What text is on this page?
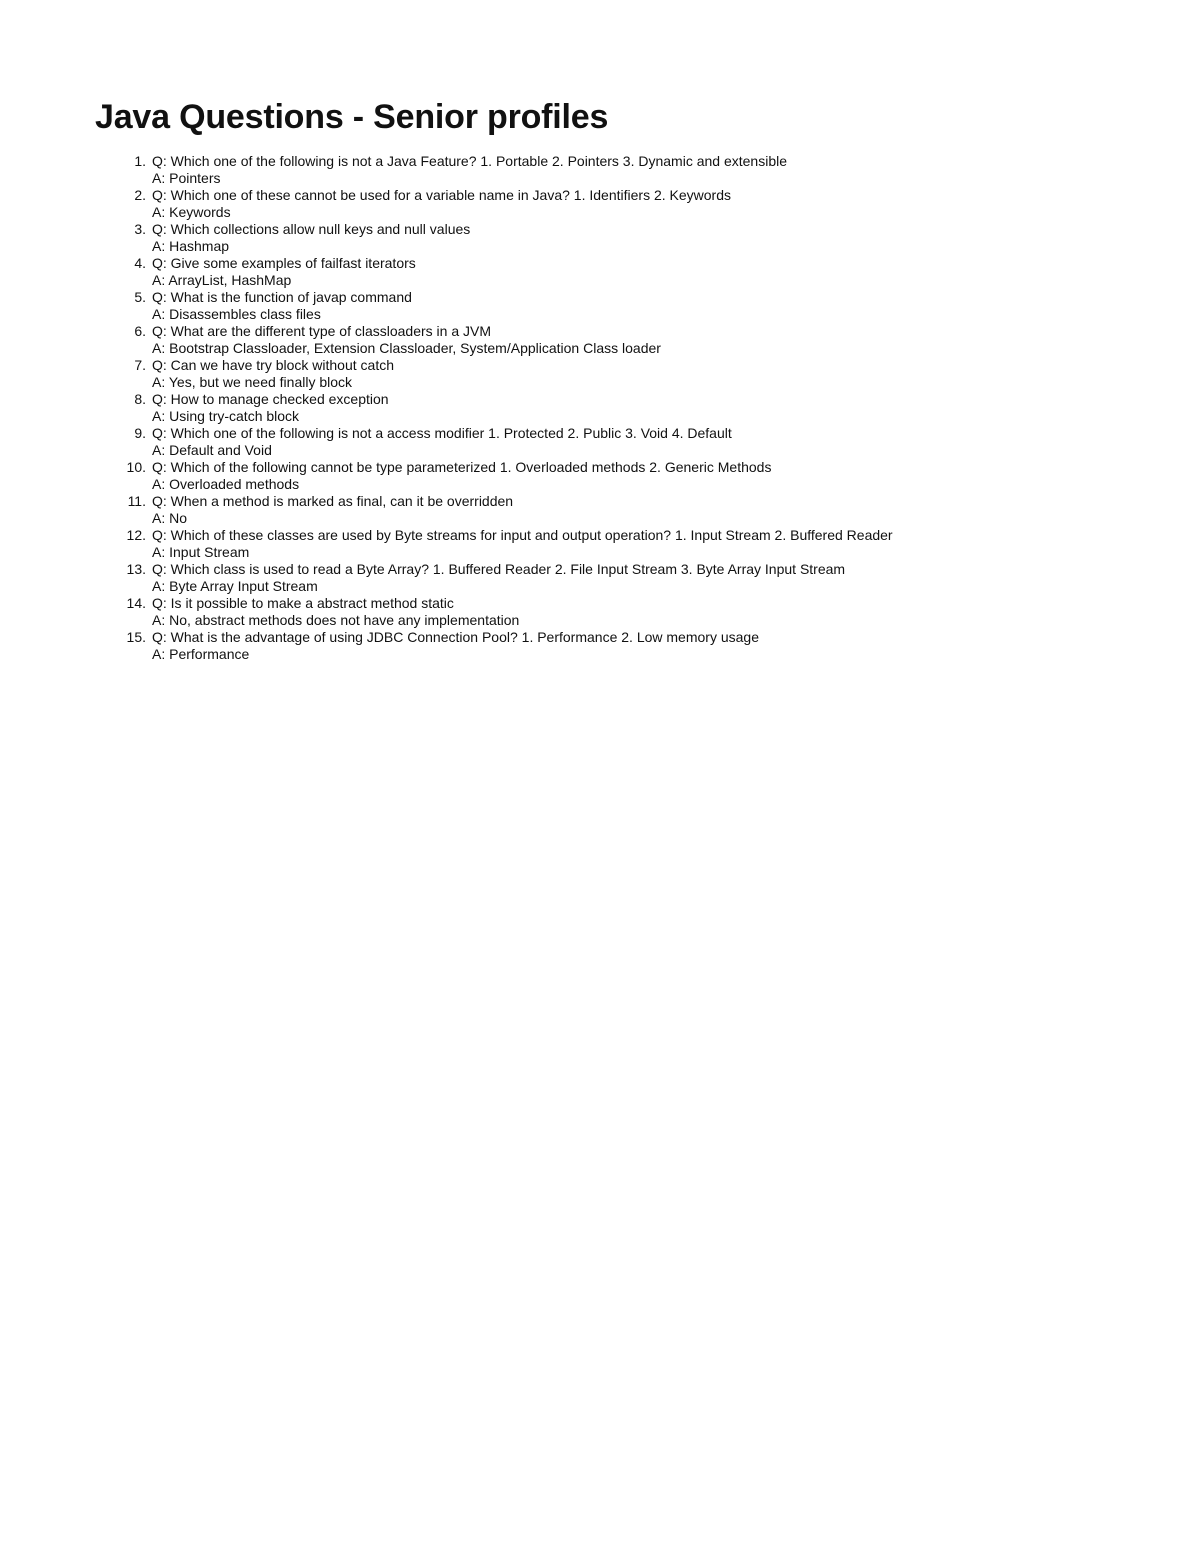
Java Questions - Senior profiles
1. Q: Which one of the following is not a Java Feature? 1. Portable 2. Pointers 3. Dynamic and extensible
A: Pointers
2. Q: Which one of these cannot be used for a variable name in Java? 1. Identifiers 2. Keywords
A: Keywords
3. Q: Which collections allow null keys and null values
A: Hashmap
4. Q: Give some examples of failfast iterators
A: ArrayList, HashMap
5. Q: What is the function of javap command
A: Disassembles class files
6. Q: What are the different type of classloaders in a JVM
A: Bootstrap Classloader, Extension Classloader, System/Application Class loader
7. Q: Can we have try block without catch
A: Yes, but we need finally block
8. Q: How to manage checked exception
A: Using try-catch block
9. Q: Which one of the following is not a access modifier 1. Protected 2. Public 3. Void 4. Default
A: Default and Void
10. Q: Which of the following cannot be type parameterized 1. Overloaded methods 2. Generic Methods
A: Overloaded methods
11. Q: When a method is marked as final, can it be overridden
A: No
12. Q: Which of these classes are used by Byte streams for input and output operation? 1. Input Stream 2. Buffered Reader
A: Input Stream
13. Q: Which class is used to read a Byte Array? 1. Buffered Reader 2. File Input Stream 3. Byte Array Input Stream
A: Byte Array Input Stream
14. Q: Is it possible to make a abstract method static
A: No, abstract methods does not have any implementation
15. Q: What is the advantage of using JDBC Connection Pool? 1. Performance 2. Low memory usage
A: Performance
